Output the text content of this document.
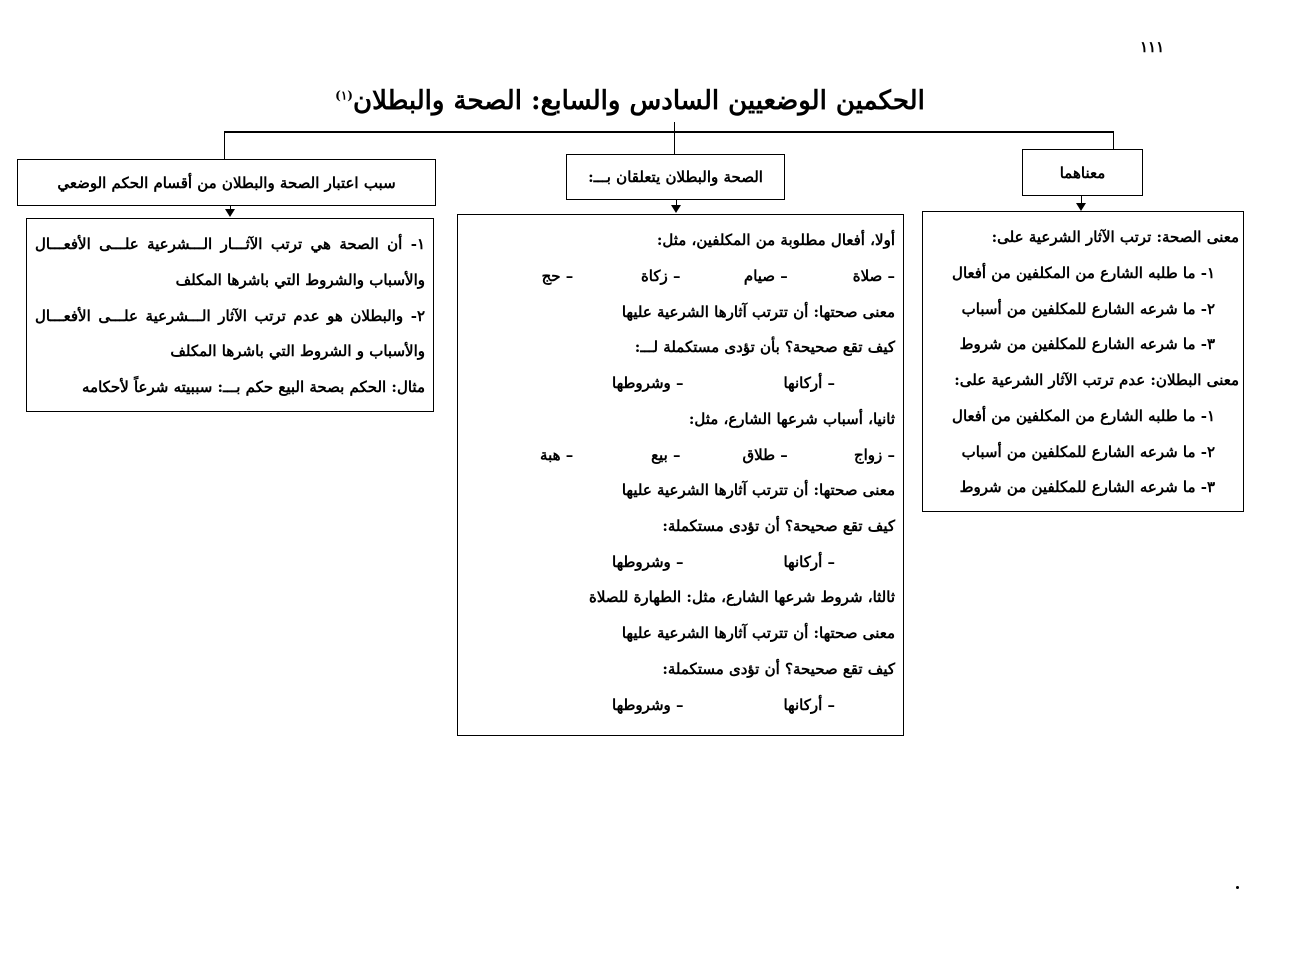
١١١
الحكمين الوضعيين السادس والسابع: الصحة والبطلان$^{(١)}$
معناهما
الصحة والبطلان يتعلقان بـــ:
سبب اعتبار الصحة والبطلان من أقسام الحكم الوضعي
معنى الصحة: ترتب الآثار الشرعية على:
١- ما طلبه الشارع من المكلفين من أفعال
٢- ما شرعه الشارع للمكلفين من أسباب
٣- ما شرعه الشارع للمكلفين من شروط
معنى البطلان: عدم ترتب الآثار الشرعية على:
١- ما طلبه الشارع من المكلفين من أفعال
٢- ما شرعه الشارع للمكلفين من أسباب
٣- ما شرعه الشارع للمكلفين من شروط
أولا، أفعال مطلوبة من المكلفين، مثل:
– صلاة
– صيام
– زكاة
– حج
معنى صحتها: أن تترتب آثارها الشرعية عليها
كيف تقع صحيحة؟ بأن تؤدى مستكملة لـــ:
– أركانها
– وشروطها
ثانيا، أسباب شرعها الشارع، مثل:
– زواج
– طلاق
– بيع
– هبة
معنى صحتها: أن تترتب آثارها الشرعية عليها
كيف تقع صحيحة؟ أن تؤدى مستكملة:
– أركانها
– وشروطها
ثالثا، شروط شرعها الشارع، مثل: الطهارة للصلاة
معنى صحتها: أن تترتب آثارها الشرعية عليها
كيف تقع صحيحة؟ أن تؤدى مستكملة:
– أركانها
– وشروطها
١- أن الصحة هي ترتب الآثـــار الـــشرعية علـــى الأفعـــال
والأسباب والشروط التي باشرها المكلف
٢- والبطلان هو عدم ترتب الآثار الـــشرعية علـــى الأفعـــال
والأسباب و الشروط التي باشرها المكلف
مثال: الحكم بصحة البيع حكم بـــ: سببيته شرعاً لأحكامه
